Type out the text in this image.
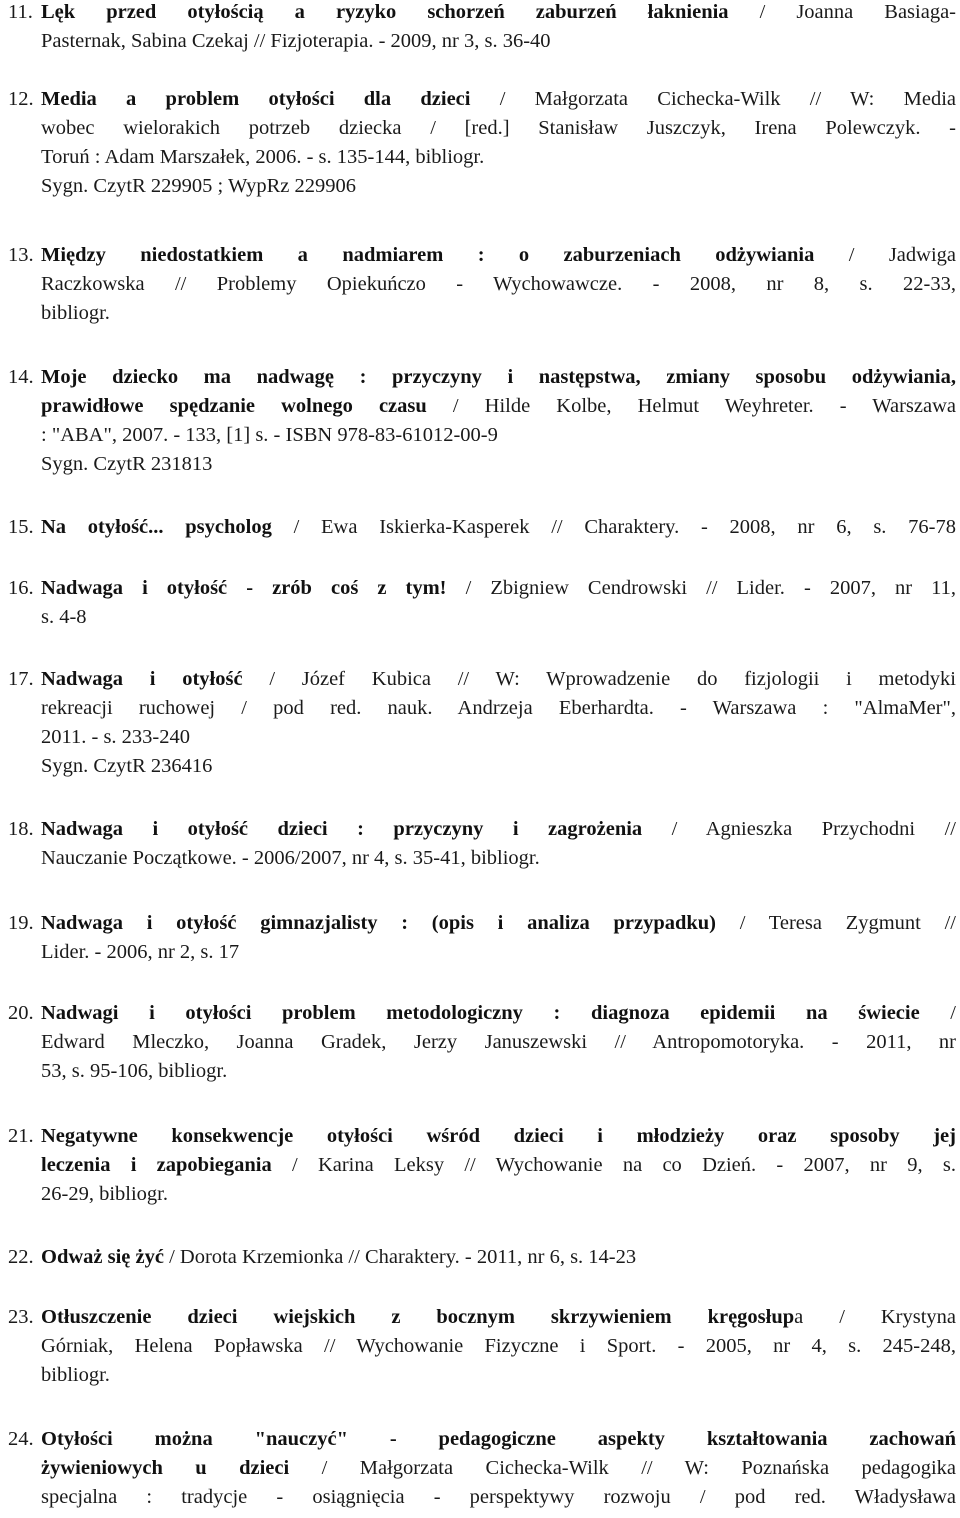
11. Lęk przed otyłością a ryzyko schorzeń zaburzeń łaknienia / Joanna Basiaga-
Pasternak, Sabina Czekaj // Fizjoterapia. - 2009, nr 3, s. 36-40
12. Media a problem otyłości dla dzieci / Małgorzata Cichecka-Wilk // W: Media
wobec wielorakich potrzeb dziecka / [red.] Stanisław Juszczyk, Irena Polewczyk. -
Toruń : Adam Marszałek, 2006. - s. 135-144, bibliogr.
Sygn. CzytR 229905 ; WypRz 229906
13. Między niedostatkiem a nadmiarem : o zaburzeniach odżywiania / Jadwiga
Raczkowska // Problemy Opiekuńczo - Wychowawcze. - 2008, nr 8, s. 22-33,
bibliogr.
14. Moje dziecko ma nadwagę : przyczyny i następstwa, zmiany sposobu odżywiania,
prawidłowe spędzanie wolnego czasu / Hilde Kolbe, Helmut Weyhreter. - Warszawa
: "ABA", 2007. - 133, [1] s. - ISBN 978-83-61012-00-9
Sygn. CzytR 231813
15. Na otyłość... psycholog / Ewa Iskierka-Kasperek // Charaktery. - 2008, nr 6, s. 76-78
16. Nadwaga i otyłość - zrób coś z tym! / Zbigniew Cendrowski // Lider. - 2007, nr 11,
s. 4-8
17. Nadwaga i otyłość / Józef Kubica // W: Wprowadzenie do fizjologii i metodyki
rekreacji ruchowej / pod red. nauk. Andrzeja Eberhardta. - Warszawa : "AlmaMer",
2011. - s. 233-240
Sygn. CzytR 236416
18. Nadwaga i otyłość dzieci : przyczyny i zagrożenia / Agnieszka Przychodni //
Nauczanie Początkowe. - 2006/2007, nr 4, s. 35-41, bibliogr.
19. Nadwaga i otyłość gimnazjalisty : (opis i analiza przypadku) / Teresa Zygmunt //
Lider. - 2006, nr 2, s. 17
20. Nadwagi i otyłości problem metodologiczny : diagnoza epidemii na świecie /
Edward Mleczko, Joanna Gradek, Jerzy Januszewski // Antropomotoryka. - 2011, nr
53, s. 95-106, bibliogr.
21. Negatywne konsekwencje otyłości wśród dzieci i młodzieży oraz sposoby jej
leczenia i zapobiegania / Karina Leksy // Wychowanie na co Dzień. - 2007, nr 9, s.
26-29, bibliogr.
22. Odważ się żyć / Dorota Krzemionka // Charaktery. - 2011, nr 6, s. 14-23
23. Otłuszczenie dzieci wiejskich z bocznym skrzywieniem kręgosłupa / Krystyna
Górniak, Helena Popławska // Wychowanie Fizyczne i Sport. - 2005, nr 4, s. 245-248,
bibliogr.
24. Otyłości można "nauczyć" - pedagogiczne aspekty kształtowania zachowań
żywieniowych u dzieci / Małgorzata Cichecka-Wilk // W: Poznańska pedagogika
specjalna : tradycje - osiągnięcia - perspektywy rozwoju / pod red. Władysława
